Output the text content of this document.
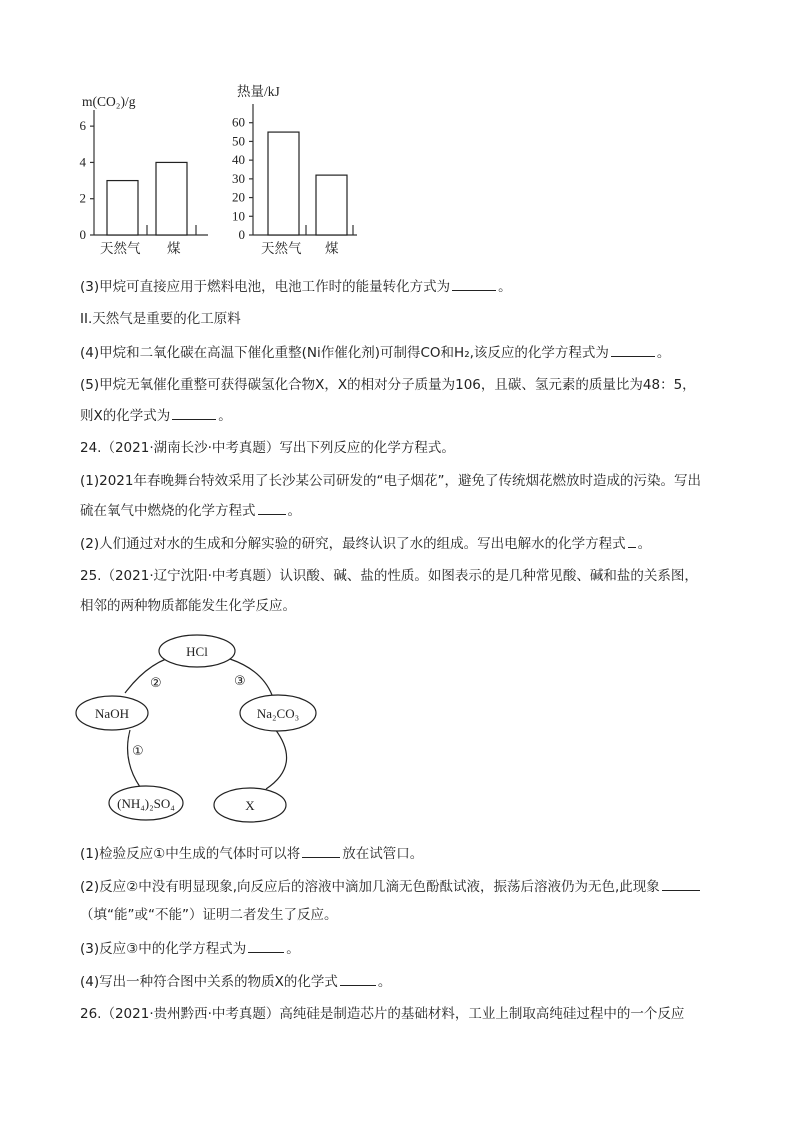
m(CO₂)/g
0
2
4
6
天然气 煤
热量/kJ
0
10
20
30
40
50
60
天然气 煤
(3)甲烷可直接应用于燃料电池，电池工作时的能量转化方式为	。
II.天然气是重要的化工原料
(4)甲烷和二氧化碳在高温下催化重整(Ni作催化剂)可制得CO和H₂,该反应的化学方程式为	。
(5)甲烷无氧催化重整可获得碳氢化合物X，X的相对分子质量为106，且碳、氢元素的质量比为48：5，
则X的化学式为	。
24.（2021·湖南长沙·中考真题）写出下列反应的化学方程式。
(1)2021年春晚舞台特效采用了长沙某公司研发的“电子烟花”，避免了传统烟花燃放时造成的污染。写出
硫在氧气中燃烧的化学方程式 。
(2)人们通过对水的生成和分解实验的研究，最终认识了水的组成。写出电解水的化学方程式 。
25.（2021·辽宁沈阳·中考真题）认识酸、碱、盐的性质。如图表示的是几种常见酸、碱和盐的关系图，
相邻的两种物质都能发生化学反应。
HCl
NaOH	Na₂CO₃
(NH₄)₂SO₄	X
②	③
①
(1)检验反应①中生成的气体时可以将	放在试管口。
(2)反应②中没有明显现象,向反应后的溶液中滴加几滴无色酚酞试液，振荡后溶液仍为无色,此现象
（填“能”或“不能”）证明二者发生了反应。
(3)反应③中的化学方程式为	。
(4)写出一种符合图中关系的物质X的化学式	。
26.（2021·贵州黔西·中考真题）高纯硅是制造芯片的基础材料，工业上制取高纯硅过程中的一个反应
